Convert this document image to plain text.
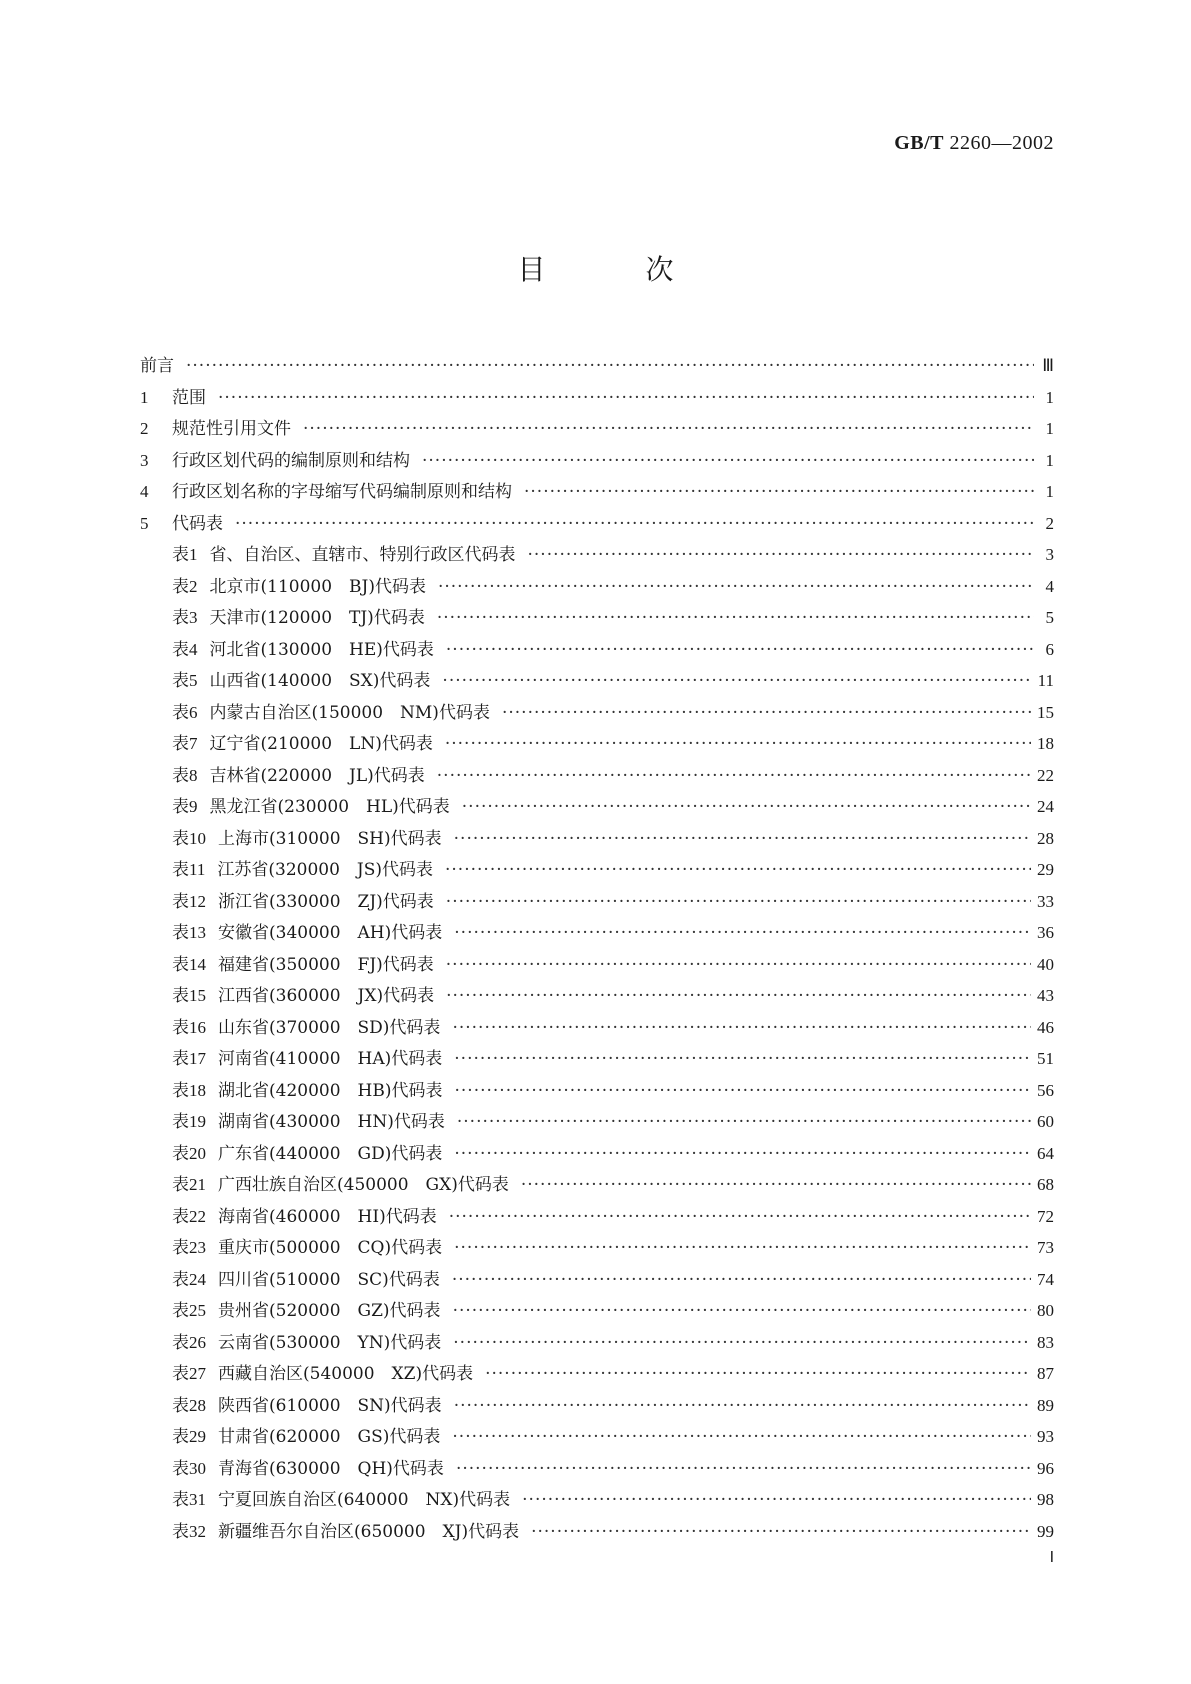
GB/T 2260—2002
目	次
前言 ·····	Ⅲ
1	范围 ·····	1
2	规范性引用文件 ·····	1
3	行政区划代码的编制原则和结构 ·····	1
4	行政区划名称的字母缩写代码编制原则和结构 ·····	1
5	代码表 ·····	2
表1 省、自治区、直辖市、特别行政区代码表 ·····	3
表2 北京市(110000　BJ)代码表 ·····	4
表3 天津市(120000　TJ)代码表 ·····	5
表4 河北省(130000　HE)代码表 ·····	6
表5 山西省(140000　SX)代码表 ·····	11
表6 内蒙古自治区(150000　NM)代码表 ·····	15
表7 辽宁省(210000　LN)代码表 ·····	18
表8 吉林省(220000　JL)代码表 ·····	22
表9 黑龙江省(230000　HL)代码表 ·····	24
表10 上海市(310000　SH)代码表 ·····	28
表11 江苏省(320000　JS)代码表 ·····	29
表12 浙江省(330000　ZJ)代码表 ·····	33
表13 安徽省(340000　AH)代码表 ·····	36
表14 福建省(350000　FJ)代码表 ·····	40
表15 江西省(360000　JX)代码表 ·····	43
表16 山东省(370000　SD)代码表 ·····	46
表17 河南省(410000　HA)代码表 ·····	51
表18 湖北省(420000　HB)代码表 ·····	56
表19 湖南省(430000　HN)代码表 ·····	60
表20 广东省(440000　GD)代码表 ·····	64
表21 广西壮族自治区(450000　GX)代码表 ·····	68
表22 海南省(460000　HI)代码表 ·····	72
表23 重庆市(500000　CQ)代码表 ·····	73
表24 四川省(510000　SC)代码表 ·····	74
表25 贵州省(520000　GZ)代码表 ·····	80
表26 云南省(530000　YN)代码表 ·····	83
表27 西藏自治区(540000　XZ)代码表 ·····	87
表28 陕西省(610000　SN)代码表 ·····	89
表29 甘肃省(620000　GS)代码表 ·····	93
表30 青海省(630000　QH)代码表 ·····	96
表31 宁夏回族自治区(640000　NX)代码表 ·····	98
表32 新疆维吾尔自治区(650000　XJ)代码表 ·····	99
Ⅰ
